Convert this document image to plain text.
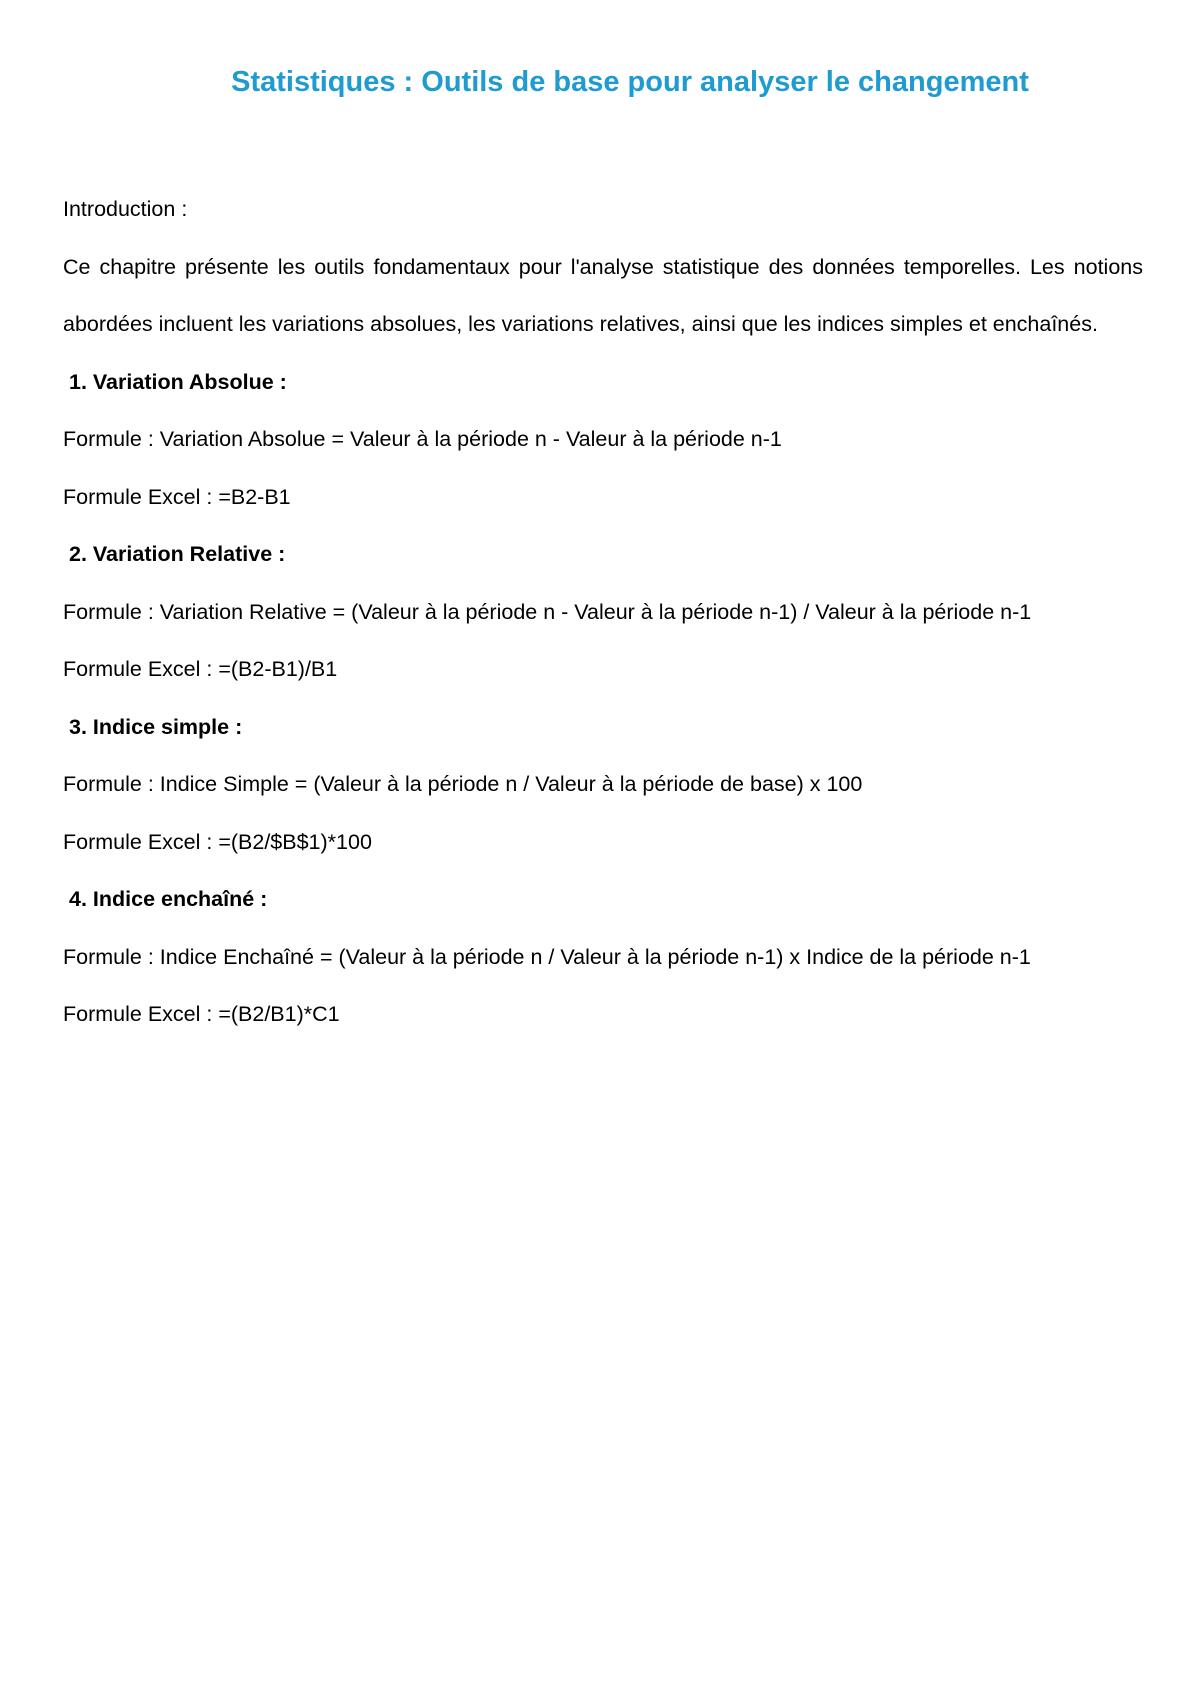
Statistiques : Outils de base pour analyser le changement

Introduction :

Ce chapitre présente les outils fondamentaux pour l'analyse statistique des données temporelles. Les notions abordées incluent les variations absolues, les variations relatives, ainsi que les indices simples et enchaînés.

1. Variation Absolue :

Formule : Variation Absolue = Valeur à la période n - Valeur à la période n-1

Formule Excel : =B2-B1

2. Variation Relative :

Formule : Variation Relative = (Valeur à la période n - Valeur à la période n-1) / Valeur à la période n-1

Formule Excel : =(B2-B1)/B1

3. Indice simple :

Formule : Indice Simple = (Valeur à la période n / Valeur à la période de base) x 100

Formule Excel : =(B2/$B$1)*100

4. Indice enchaîné :

Formule : Indice Enchaîné = (Valeur à la période n / Valeur à la période n-1) x Indice de la période n-1

Formule Excel : =(B2/B1)*C1
